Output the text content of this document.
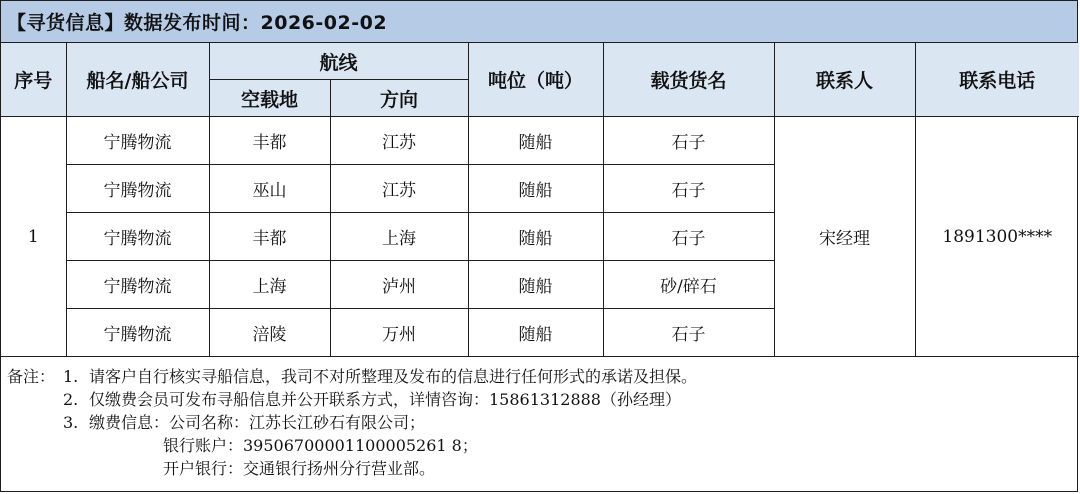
【寻货信息】数据发布时间：2026-02-02
序号	船名/船公司	航线		吨位（吨）	载货货名	联系人	联系电话
		空载地	方向				
1	宁腾物流	丰都	江苏	随船	石子	宋经理	1891300****
	宁腾物流	巫山	江苏	随船	石子		
	宁腾物流	丰都	上海	随船	石子		
	宁腾物流	上海	泸州	随船	砂/碎石		
	宁腾物流	涪陵	万州	随船	石子		
备注： 1. 请客户自行核实寻船信息，我司不对所整理及发布的信息进行任何形式的承诺及担保。
2. 仅缴费会员可发布寻船信息并公开联系方式，详情咨询：15861312888（孙经理）
3. 缴费信息： 公司名称： 江苏长江砂石有限公司；
银行账户： 39506700001100005261 8；
开户银行： 交通银行扬州分行营业部。
